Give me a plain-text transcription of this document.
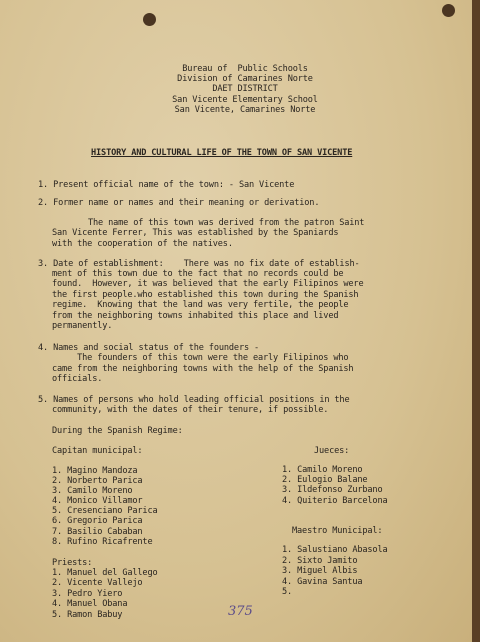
Bureau of  Public Schools
Division of Camarines Norte
DAET DISTRICT
San Vicente Elementary School
San Vicente, Camarines Norte
HISTORY AND CULTURAL LIFE OF THE TOWN OF SAN VICENTE
1. Present official name of the town: - San Vicente
2. Former name or names and their meaning or derivation.
The name of this town was derived from the patron Saint
San Vicente Ferrer, This was established by the Spaniards
with the cooperation of the natives.
3. Date of establishment:    There was no fix date of establish-
ment of this town due to the fact that no records could be
found.  However, it was believed that the early Filipinos were
the first people.who established this town during the Spanish
regime.  Knowing that the land was very fertile, the people
from the neighboring towns inhabited this place and lived
permanently.
4. Names and social status of the founders -
The founders of this town were the early Filipinos who
came from the neighboring towns with the help of the Spanish
officials.
5. Names of persons who hold leading official positions in the
community, with the dates of their tenure, if possible.
During the Spanish Regime:
Capitan municipal:
1. Magino Mandoza
2. Norberto Parica
3. Camilo Moreno
4. Monico Villamor
5. Cresenciano Parica
6. Gregorio Parica
7. Basilio Cababan
8. Rufino Ricafrente
Priests:
1. Manuel del Gallego
2. Vicente Vallejo
3. Pedro Yiero
4. Manuel Obana
5. Ramon Babuy
Jueces:
1. Camilo Moreno
2. Eulogio Balane
3. Ildefonso Zurbano
4. Quiterio Barcelona
Maestro Municipal:
1. Salustiano Abasola
2. Sixto Jamito
3. Miguel Albis
4. Gavina Santua
5.
375
